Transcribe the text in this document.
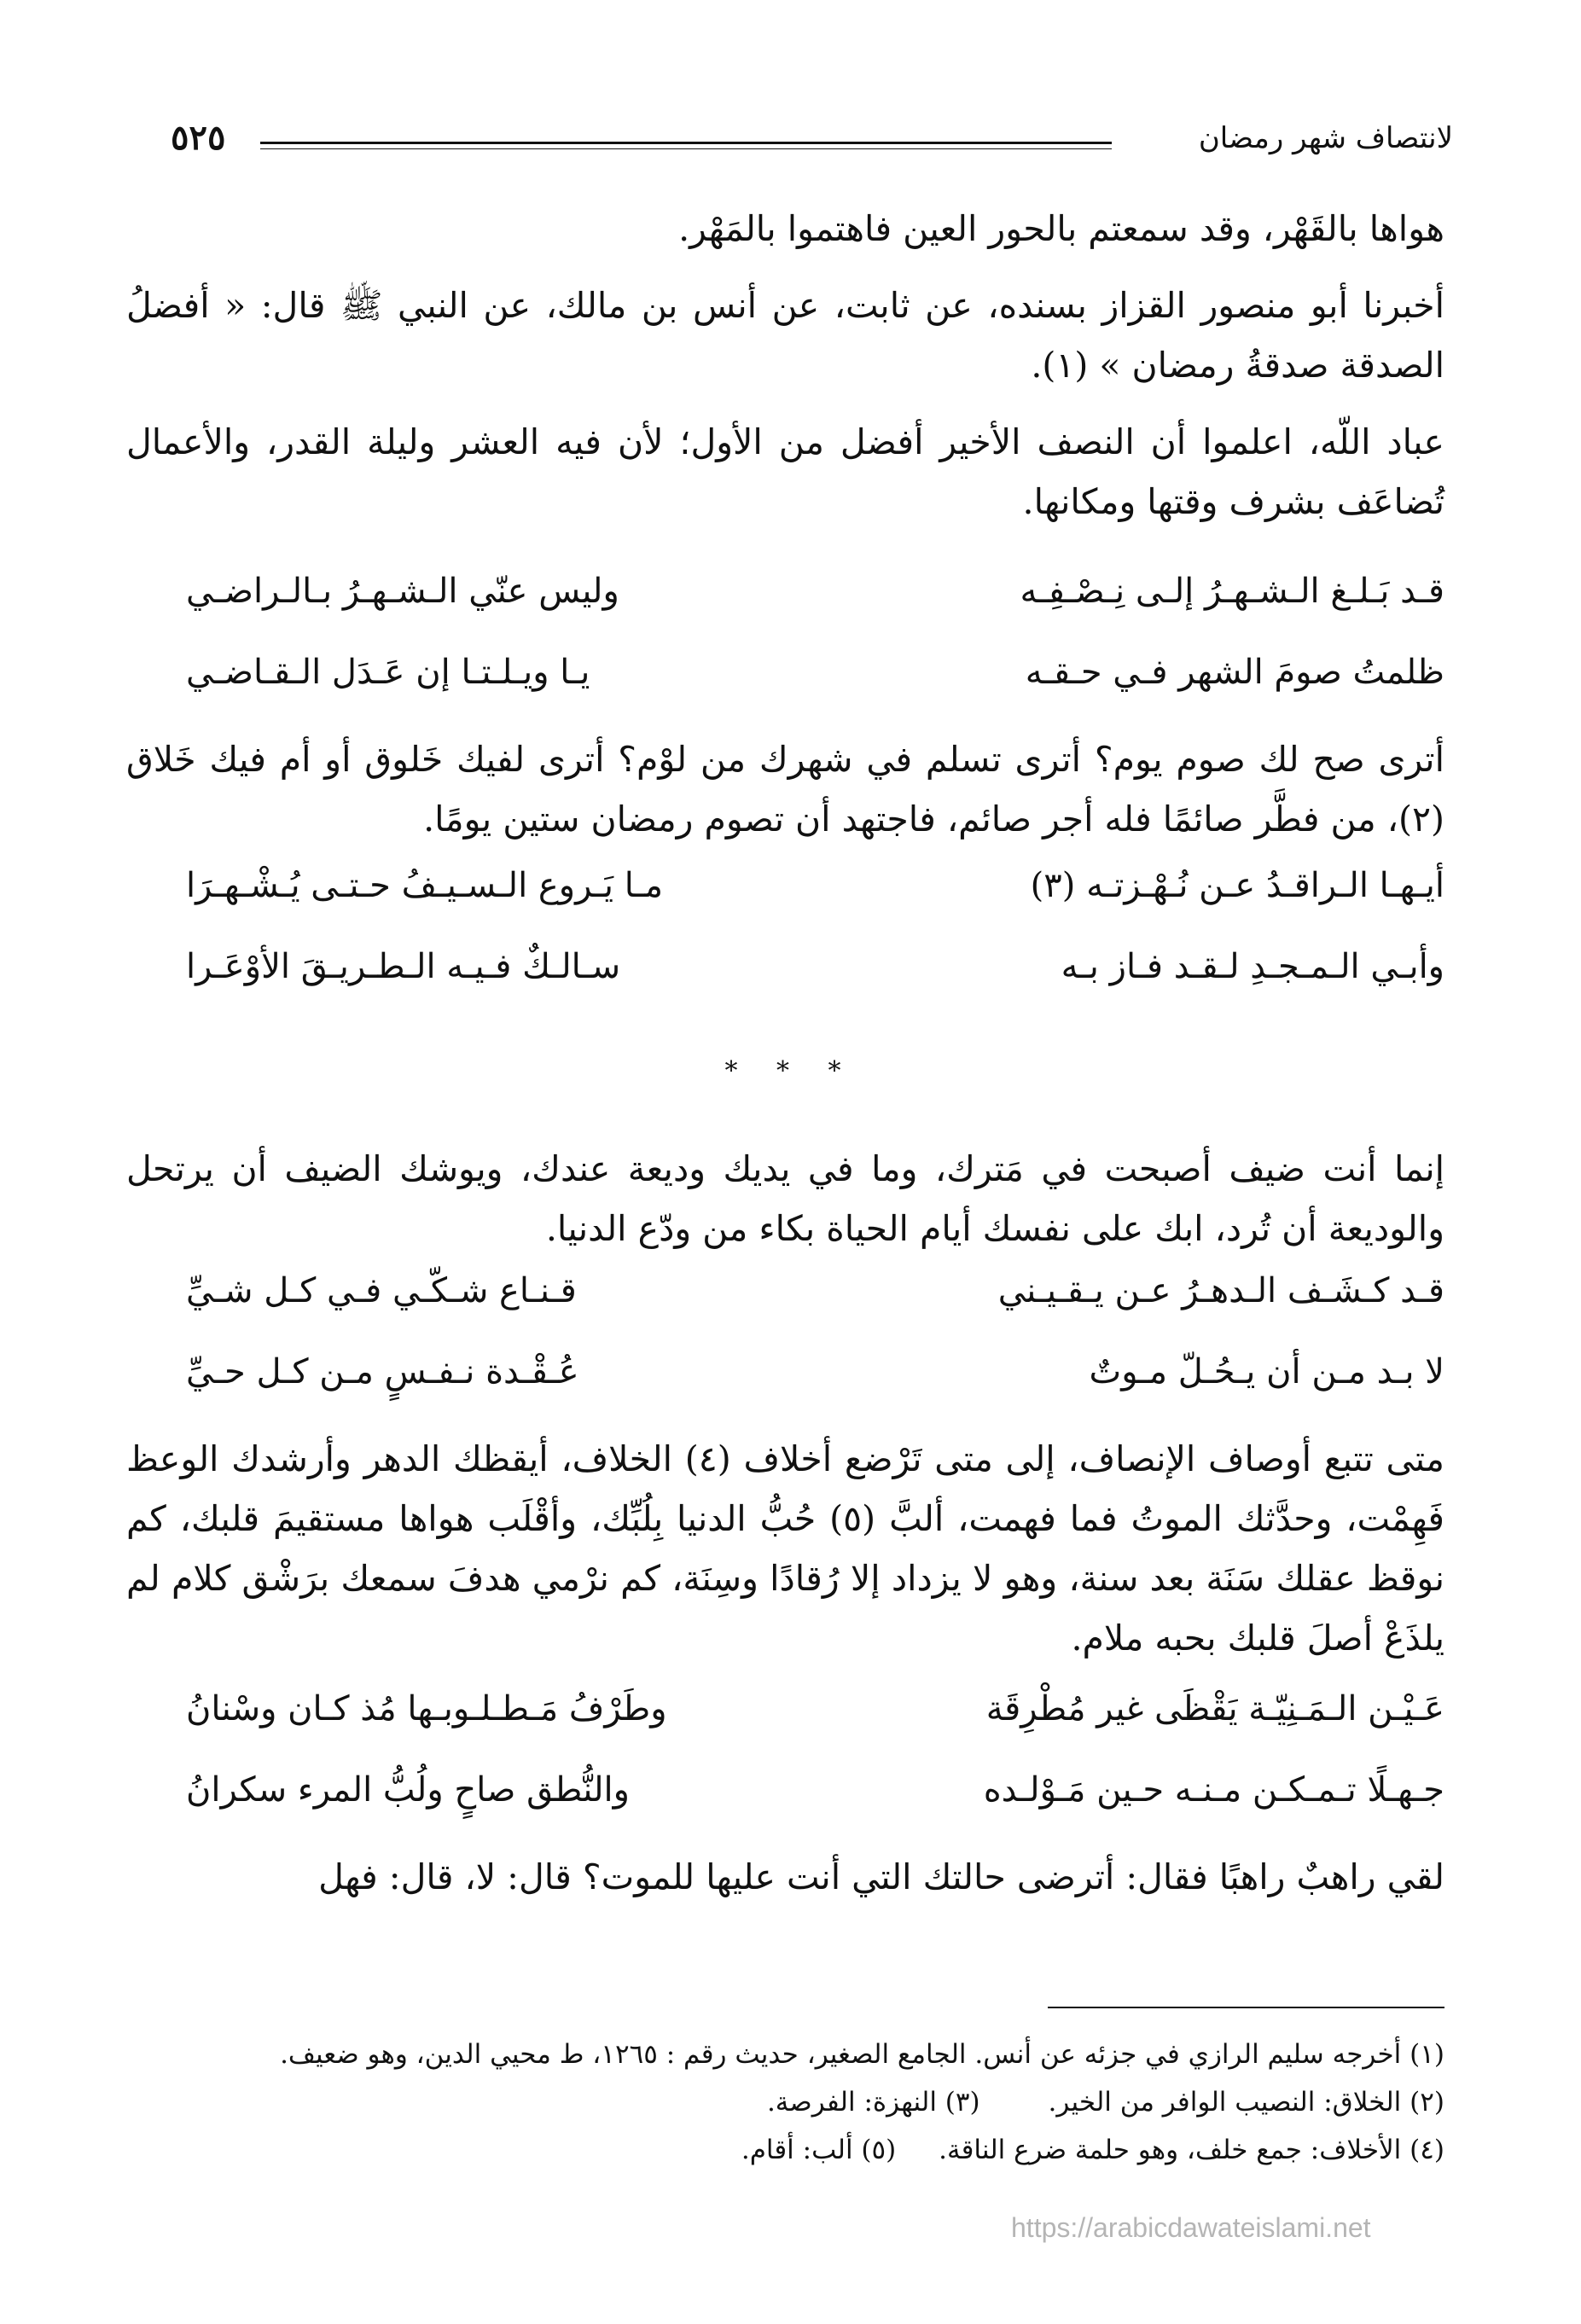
لانتصاف شهر رمضان
٥٢٥
هواها بالقَهْر، وقد سمعتم بالحور العين فاهتموا بالمَهْر.
أخبرنا أبو منصور القزاز بسنده، عن ثابت، عن أنس بن مالك، عن النبي ﷺ قال: « أفضلُ الصدقة صدقةُ رمضان » (١).
عباد اللّه، اعلموا أن النصف الأخير أفضل من الأول؛ لأن فيه العشر وليلة القدر، والأعمال تُضاعَف بشرف وقتها ومكانها.
قـد بَـلـغ الـشـهـرُ إلـى نِـصْـفِـه
وليس عنّي الـشـهـرُ بـالـراضـي
ظلمتُ صومَ الشهر فـي حـقـه
يـا ويـلـتـا إن عَـدَل الـقـاضـي
أترى صح لك صوم يوم؟ أترى تسلم في شهرك من لوْم؟ أترى لفيك خَلوق أو أم فيك خَلاق (٢)، من فطَّر صائمًا فله أجر صائم، فاجتهد أن تصوم رمضان ستين يومًا.
أيـهـا الـراقـدُ عـن نُـهْـزتـه (٣)
مـا يَـروع الـسـيـفُ حـتـى يُـشْـهـرَا
وأبـي الـمـجـدِ لـقـد فـاز بـه
سـالـكٌ فـيـه الـطـريـقَ الأوْعَـرا
* * *
إنما أنت ضيف أصبحت في مَترك، وما في يديك وديعة عندك، ويوشك الضيف أن يرتحل والوديعة أن تُرد، ابك على نفسك أيام الحياة بكاء من ودّع الدنيا.
قـد كـشَـف الـدهـرُ عـن يـقـيـني
قـنـاع شـكّـي فـي كـل شـيِّ
لا بـد مـن أن يـحُـلّ مـوتٌ
عُـقْـدة نـفـسٍ مـن كـل حـيِّ
متى تتبع أوصاف الإنصاف، إلى متى تَرْضع أخلاف (٤) الخلاف، أيقظك الدهر وأرشدك الوعظ فَهِمْت، وحدَّثك الموتُ فما فهمت، ألبَّ (٥) حُبُّ الدنيا بِلُبِّك، وأقْلَب هواها مستقيمَ قلبك، كم نوقظ عقلك سَنَة بعد سنة، وهو لا يزداد إلا رُقادًا وسِنَة، كم نرْمي هدفَ سمعك برَشْق كلام لم يلذَعْ أصلَ قلبك بحبه ملام.
عَـيْـن الـمَـنِيّـة يَقْظَى غير مُطْرِقَة
وطَرْفُ مَـطـلـوبـها مُذ كـان وسْنانُ
جـهـلًا تـمـكـن مـنـه حـين مَـوْلـده
والنُّطق صاحٍ ولُبُّ المرء سكرانُ
لقي راهبٌ راهبًا فقال: أترضى حالتك التي أنت عليها للموت؟ قال: لا، قال: فهل
(١) أخرجه سليم الرازي في جزئه عن أنس. الجامع الصغير، حديث رقم : ١٢٦٥، ط محيي الدين، وهو ضعيف.
(٢) الخلاق: النصيب الوافر من الخير. (٣) النهزة: الفرصة.
(٤) الأخلاف: جمع خلف، وهو حلمة ضرع الناقة. (٥) ألب: أقام.
https://arabicdawateislami.net
